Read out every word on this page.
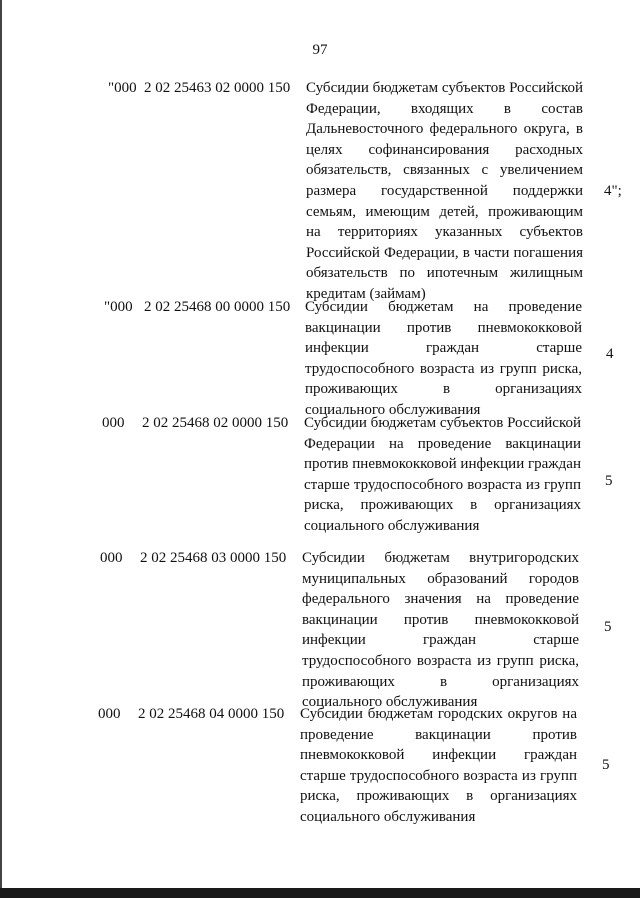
97
"000 2 02 25463 02 0000 150 Субсидии бюджетам субъектов Российской Федерации, входящих в состав Дальневосточного федерального округа, в целях софинансирования расходных обязательств, связанных с увеличением размера государственной поддержки семьям, имеющим детей, проживающим на территориях указанных субъектов Российской Федерации, в части погашения обязательств по ипотечным жилищным кредитам (займам)
4";
"000 2 02 25468 00 0000 150 Субсидии бюджетам на проведение вакцинации против пневмококковой инфекции граждан старше трудоспособного возраста из групп риска, проживающих в организациях социального обслуживания
4
000 2 02 25468 02 0000 150 Субсидии бюджетам субъектов Российской Федерации на проведение вакцинации против пневмококковой инфекции граждан старше трудоспособного возраста из групп риска, проживающих в организациях социального обслуживания
5
000 2 02 25468 03 0000 150 Субсидии бюджетам внутригородских муниципальных образований городов федерального значения на проведение вакцинации против пневмококковой инфекции граждан старше трудоспособного возраста из групп риска, проживающих в организациях социального обслуживания
5
000 2 02 25468 04 0000 150 Субсидии бюджетам городских округов на проведение вакцинации против пневмококковой инфекции граждан старше трудоспособного возраста из групп риска, проживающих в организациях социального обслуживания
5
